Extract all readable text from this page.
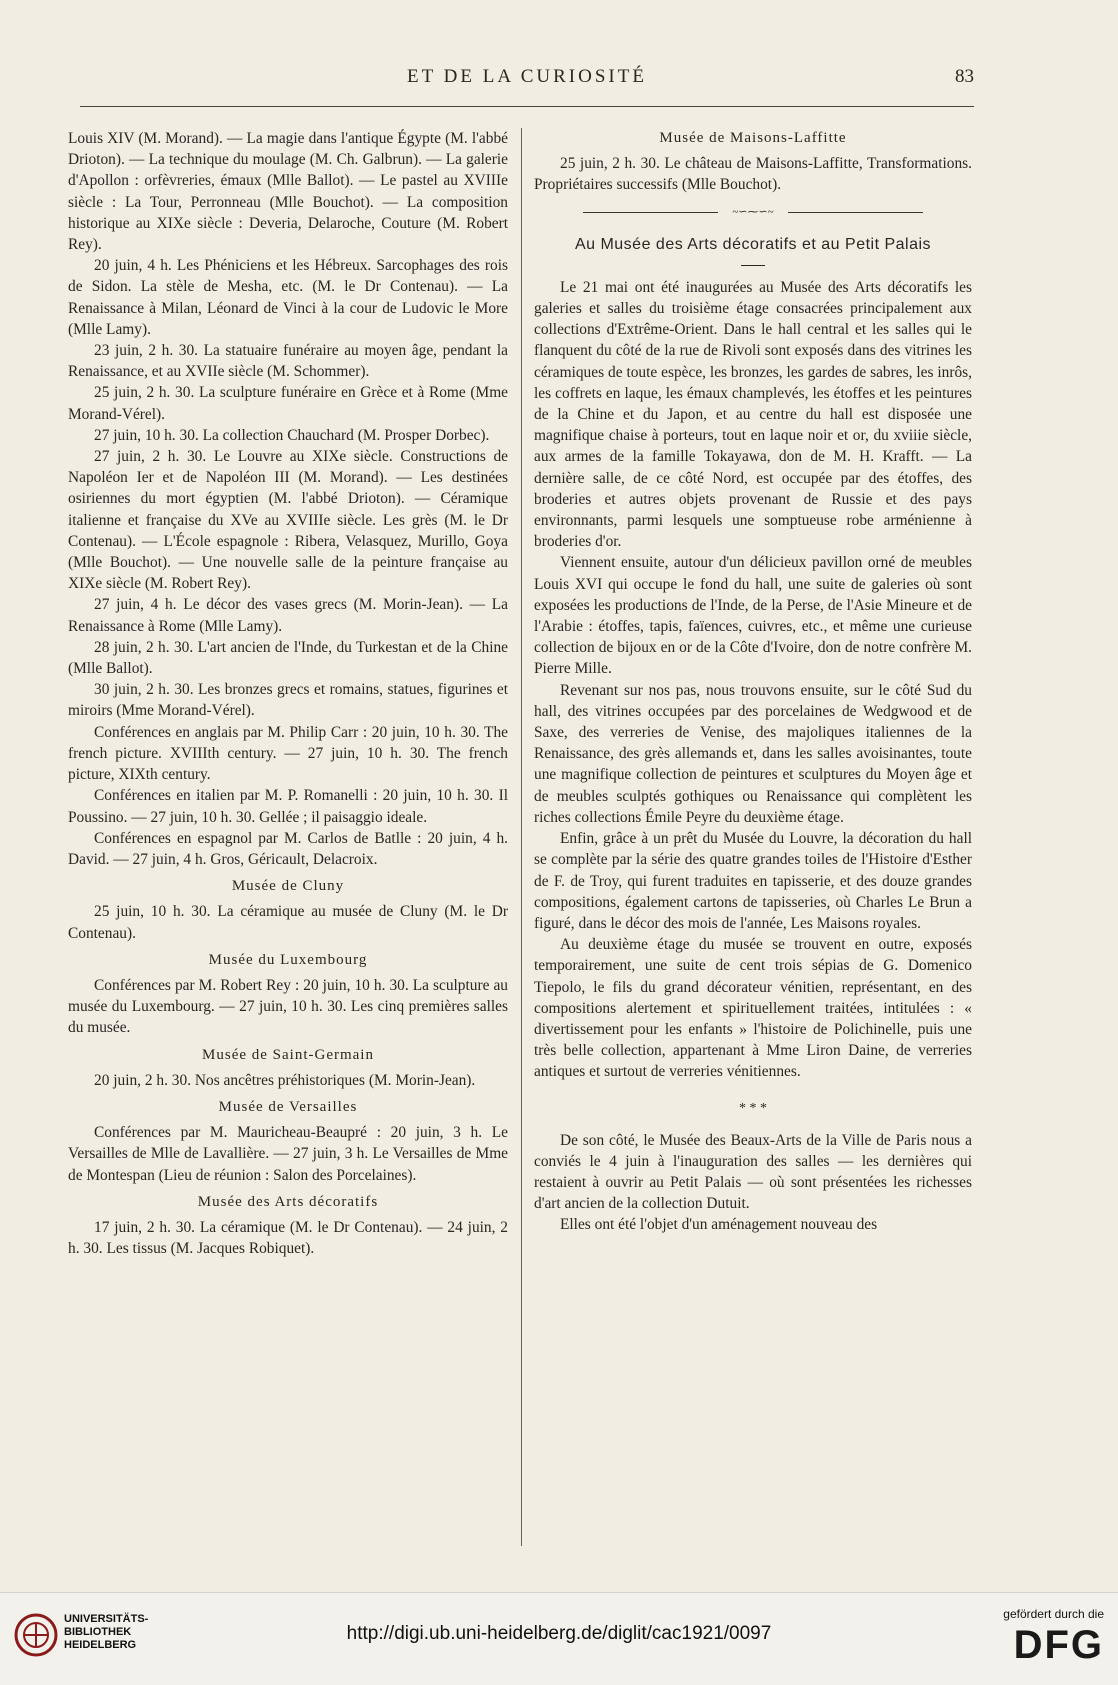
ET DE LA CURIOSITÉ	83

Louis XIV (M. Morand). — La magie dans l'antique Égypte (M. l'abbé Drioton). — La technique du moulage (M. Ch. Galbrun). — La galerie d'Apollon : orfèvreries, émaux (Mlle Ballot). — Le pastel au XVIIIe siècle : La Tour, Perronneau (Mlle Bouchot). — La composition historique au XIXe siècle : Deveria, Delaroche, Couture (M. Robert Rey).

20 juin, 4 h. Les Phéniciens et les Hébreux. Sarcophages des rois de Sidon. La stèle de Mesha, etc. (M. le Dr Contenau). — La Renaissance à Milan, Léonard de Vinci à la cour de Ludovic le More (Mlle Lamy).

23 juin, 2 h. 30. La statuaire funéraire au moyen âge, pendant la Renaissance, et au XVIIe siècle (M. Schommer).

25 juin, 2 h. 30. La sculpture funéraire en Grèce et à Rome (Mme Morand-Vérel).

27 juin, 10 h. 30. La collection Chauchard (M. Prosper Dorbec).

27 juin, 2 h. 30. Le Louvre au XIXe siècle. Constructions de Napoléon Ier et de Napoléon III (M. Morand). — Les destinées osiriennes du mort égyptien (M. l'abbé Drioton). — Céramique italienne et française du XVe au XVIIIe siècle. Les grès (M. le Dr Contenau). — L'École espagnole : Ribera, Velasquez, Murillo, Goya (Mlle Bouchot). — Une nouvelle salle de la peinture française au XIXe siècle (M. Robert Rey).

27 juin, 4 h. Le décor des vases grecs (M. Morin-Jean). — La Renaissance à Rome (Mlle Lamy).

28 juin, 2 h. 30. L'art ancien de l'Inde, du Turkestan et de la Chine (Mlle Ballot).

30 juin, 2 h. 30. Les bronzes grecs et romains, statues, figurines et miroirs (Mme Morand-Vérel).

Conférences en anglais par M. Philip Carr : 20 juin, 10 h. 30. The french picture. XVIIIth century. — 27 juin, 10 h. 30. The french picture, XIXth century.

Conférences en italien par M. P. Romanelli : 20 juin, 10 h. 30. Il Poussino. — 27 juin, 10 h. 30. Gellée ; il paisaggio ideale.

Conférences en espagnol par M. Carlos de Batlle : 20 juin, 4 h. David. — 27 juin, 4 h. Gros, Géricault, Delacroix.

Musée de Cluny

25 juin, 10 h. 30. La céramique au musée de Cluny (M. le Dr Contenau).

Musée du Luxembourg

Conférences par M. Robert Rey : 20 juin, 10 h. 30. La sculpture au musée du Luxembourg. — 27 juin, 10 h. 30. Les cinq premières salles du musée.

Musée de Saint-Germain

20 juin, 2 h. 30. Nos ancêtres préhistoriques (M. Morin-Jean).

Musée de Versailles

Conférences par M. Mauricheau-Beaupré : 20 juin, 3 h. Le Versailles de Mlle de Lavallière. — 27 juin, 3 h. Le Versailles de Mme de Montespan (Lieu de réunion : Salon des Porcelaines).

Musée des Arts décoratifs

17 juin, 2 h. 30. La céramique (M. le Dr Contenau). — 24 juin, 2 h. 30. Les tissus (M. Jacques Robiquet).

Musée de Maisons-Laffitte

25 juin, 2 h. 30. Le château de Maisons-Laffitte, Transformations. Propriétaires successifs (Mlle Bouchot).

~∽⁓∽~
Au Musée des Arts décoratifs et au Petit Palais

Le 21 mai ont été inaugurées au Musée des Arts décoratifs les galeries et salles du troisième étage consacrées principalement aux collections d'Extrême-Orient. Dans le hall central et les salles qui le flanquent du côté de la rue de Rivoli sont exposés dans des vitrines les céramiques de toute espèce, les bronzes, les gardes de sabres, les inrôs, les coffrets en laque, les émaux champlevés, les étoffes et les peintures de la Chine et du Japon, et au centre du hall est disposée une magnifique chaise à porteurs, tout en laque noir et or, du xviiie siècle, aux armes de la famille Tokayawa, don de M. H. Krafft. — La dernière salle, de ce côté Nord, est occupée par des étoffes, des broderies et autres objets provenant de Russie et des pays environnants, parmi lesquels une somptueuse robe arménienne à broderies d'or.

Viennent ensuite, autour d'un délicieux pavillon orné de meubles Louis XVI qui occupe le fond du hall, une suite de galeries où sont exposées les productions de l'Inde, de la Perse, de l'Asie Mineure et de l'Arabie : étoffes, tapis, faïences, cuivres, etc., et même une curieuse collection de bijoux en or de la Côte d'Ivoire, don de notre confrère M. Pierre Mille.

Revenant sur nos pas, nous trouvons ensuite, sur le côté Sud du hall, des vitrines occupées par des porcelaines de Wedgwood et de Saxe, des verreries de Venise, des majoliques italiennes de la Renaissance, des grès allemands et, dans les salles avoisinantes, toute une magnifique collection de peintures et sculptures du Moyen âge et de meubles sculptés gothiques ou Renaissance qui complètent les riches collections Émile Peyre du deuxième étage.

Enfin, grâce à un prêt du Musée du Louvre, la décoration du hall se complète par la série des quatre grandes toiles de l'Histoire d'Esther de F. de Troy, qui furent traduites en tapisserie, et des douze grandes compositions, également cartons de tapisseries, où Charles Le Brun a figuré, dans le décor des mois de l'année, Les Maisons royales.

Au deuxième étage du musée se trouvent en outre, exposés temporairement, une suite de cent trois sépias de G. Domenico Tiepolo, le fils du grand décorateur vénitien, représentant, en des compositions alertement et spirituellement traitées, intitulées : « divertissement pour les enfants » l'histoire de Polichinelle, puis une très belle collection, appartenant à Mme Liron Daine, de verreries antiques et surtout de verreries vénitiennes.

* * *

De son côté, le Musée des Beaux-Arts de la Ville de Paris nous a conviés le 4 juin à l'inauguration des salles — les dernières qui restaient à ouvrir au Petit Palais — où sont présentées les richesses d'art ancien de la collection Dutuit.

Elles ont été l'objet d'un aménagement nouveau des

UNIVERSITÄTS-
BIBLIOTHEK
HEIDELBERG
http://digi.ub.uni-heidelberg.de/diglit/cac1921/0097
gefördert durch die
DFG
